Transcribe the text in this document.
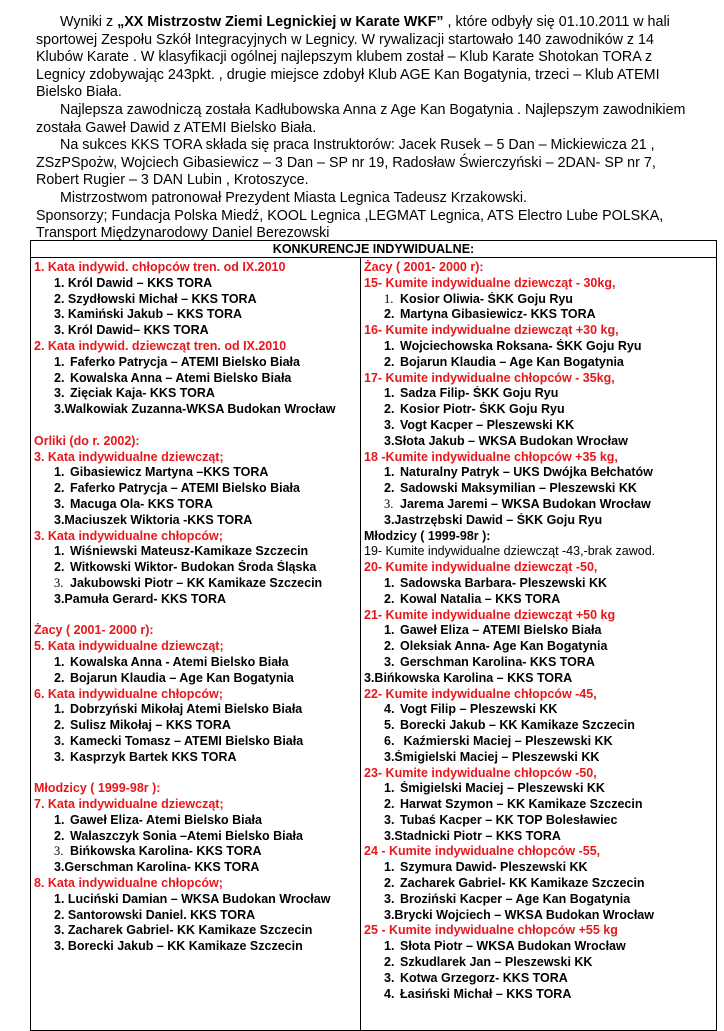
Wyniki z „XX Mistrzostw Ziemi Legnickiej w Karate WKF” , które odbyły się 01.10.2011 w hali sportowej Zespołu Szkół Integracyjnych w Legnicy. W rywalizacji startowało 140 zawodników z 14 Klubów Karate . W klasyfikacji ogólnej najlepszym klubem został – Klub Karate Shotokan TORA z Legnicy zdobywając 243pkt. , drugie miejsce zdobył Klub AGE Kan Bogatynia, trzeci – Klub ATEMI Bielsko Biała.

Najlepsza zawodniczą została Kadłubowska Anna z Age Kan Bogatynia . Najlepszym zawodnikiem została Gaweł Dawid z ATEMI Bielsko Biała.

Na sukces KKS TORA składa się praca Instruktorów: Jacek Rusek – 5 Dan – Mickiewicza 21 , ZSzPSpożw, Wojciech Gibasiewicz – 3 Dan – SP nr 19, Radosław Świerczyński – 2DAN- SP nr 7, Robert Rugier – 3 DAN Lubin , Krotoszyce.

Mistrzostwom patronował Prezydent Miasta Legnica Tadeusz Krzakowski.

Sponsorzy; Fundacja Polska Miedź, KOOL Legnica ,LEGMAT Legnica, ATS Electro Lube POLSKA, Transport Międzynarodowy Daniel Berezowski

KONKURENCJE INDYWIDUALNE:

1. Kata indywid. chłopców tren. od IX.2010
1. Król Dawid – KKS TORA
2. Szydłowski Michał – KKS TORA
3. Kamiński Jakub – KKS TORA
3. Król Dawid– KKS TORA
2. Kata indywid. dziewcząt tren. od IX.2010
1. Faferko Patrycja – ATEMI Bielsko Biała
2. Kowalska Anna – Atemi Bielsko Biała
3. Zięciak Kaja- KKS TORA
3.Walkowiak Zuzanna-WKSA Budokan Wrocław
Orliki (do r. 2002):
3. Kata indywidualne dziewcząt;
1. Gibasiewicz Martyna –KKS TORA
2. Faferko Patrycja – ATEMI Bielsko Biała
3. Macuga Ola- KKS TORA
3.Maciuszek Wiktoria -KKS TORA
3. Kata indywidualne chłopców;
1. Wiśniewski Mateusz-Kamikaze Szczecin
2. Witkowski Wiktor- Budokan Środa Śląska
3. Jakubowski Piotr – KK Kamikaze Szczecin
3.Pamuła Gerard- KKS TORA
Żacy ( 2001- 2000 r):
5. Kata indywidualne dziewcząt;
1. Kowalska Anna - Atemi Bielsko Biała
2. Bojarun Klaudia – Age Kan Bogatynia
6. Kata indywidualne chłopców;
1. Dobrzyński Mikołaj Atemi Bielsko Biała
2. Sulisz Mikołaj – KKS TORA
3. Kamecki Tomasz – ATEMI Bielsko Biała
3. Kasprzyk Bartek KKS TORA
Młodzicy ( 1999-98r ):
7. Kata indywidualne dziewcząt;
1. Gaweł Eliza- Atemi Bielsko Biała
2. Walaszczyk Sonia –Atemi Bielsko Biała
3. Bińkowska Karolina- KKS TORA
3.Gerschman Karolina- KKS TORA
8. Kata indywidualne chłopców;
1. Luciński Damian – WKSA Budokan Wrocław
2. Santorowski Daniel. KKS TORA
3. Zacharek Gabriel- KK Kamikaze Szczecin
3. Borecki Jakub – KK Kamikaze Szczecin

Żacy ( 2001- 2000 r):
15- Kumite indywidualne dziewcząt - 30kg,
1. Kosior Oliwia- ŚKK Goju Ryu
2. Martyna Gibasiewicz- KKS TORA
16- Kumite indywidualne dziewcząt +30 kg,
1. Wojciechowska Roksana- ŚKK Goju Ryu
2. Bojarun Klaudia – Age Kan Bogatynia
17- Kumite indywidualne chłopców - 35kg,
1. Sadza Filip- ŚKK Goju Ryu
2. Kosior Piotr- ŚKK Goju Ryu
3. Vogt Kacper – Pleszewski KK
3.Słota Jakub – WKSA Budokan Wrocław
18 -Kumite indywidualne chłopców +35 kg,
1. Naturalny Patryk – UKS Dwójka Bełchatów
2. Sadowski Maksymilian – Pleszewski KK
3. Jarema Jaremi – WKSA Budokan Wrocław
3.Jastrzębski Dawid – ŚKK Goju Ryu
Młodzicy ( 1999-98r ):
19- Kumite indywidualne dziewcząt -43,-brak zawod.
20- Kumite indywidualne dziewcząt -50,
1. Sadowska Barbara- Pleszewski KK
2. Kowal Natalia – KKS TORA
21- Kumite indywidualne dziewcząt +50 kg
1. Gaweł Eliza – ATEMI Bielsko Biała
2. Oleksiak Anna- Age Kan Bogatynia
3. Gerschman Karolina- KKS TORA
3.Bińkowska Karolina – KKS TORA
22- Kumite indywidualne chłopców -45,
4. Vogt Filip – Pleszewski KK
5. Borecki Jakub – KK Kamikaze Szczecin
6. Kaźmierski Maciej – Pleszewski KK
3.Śmigielski Maciej – Pleszewski KK
23- Kumite indywidualne chłopców -50,
1. Śmigielski Maciej – Pleszewski KK
2. Harwat Szymon – KK Kamikaze Szczecin
3. Tubaś Kacper – KK TOP Bolesławiec
3.Stadnicki Piotr – KKS TORA
24 - Kumite indywidualne chłopców -55,
1. Szymura Dawid- Pleszewski KK
2. Zacharek Gabriel- KK Kamikaze Szczecin
3. Broziński Kacper – Age Kan Bogatynia
3.Brycki Wojciech – WKSA Budokan Wrocław
25 - Kumite indywidualne chłopców +55 kg
1. Słota Piotr – WKSA Budokan Wrocław
2. Szkudlarek Jan – Pleszewski KK
3. Kotwa Grzegorz- KKS TORA
4. Łasiński Michał – KKS TORA
